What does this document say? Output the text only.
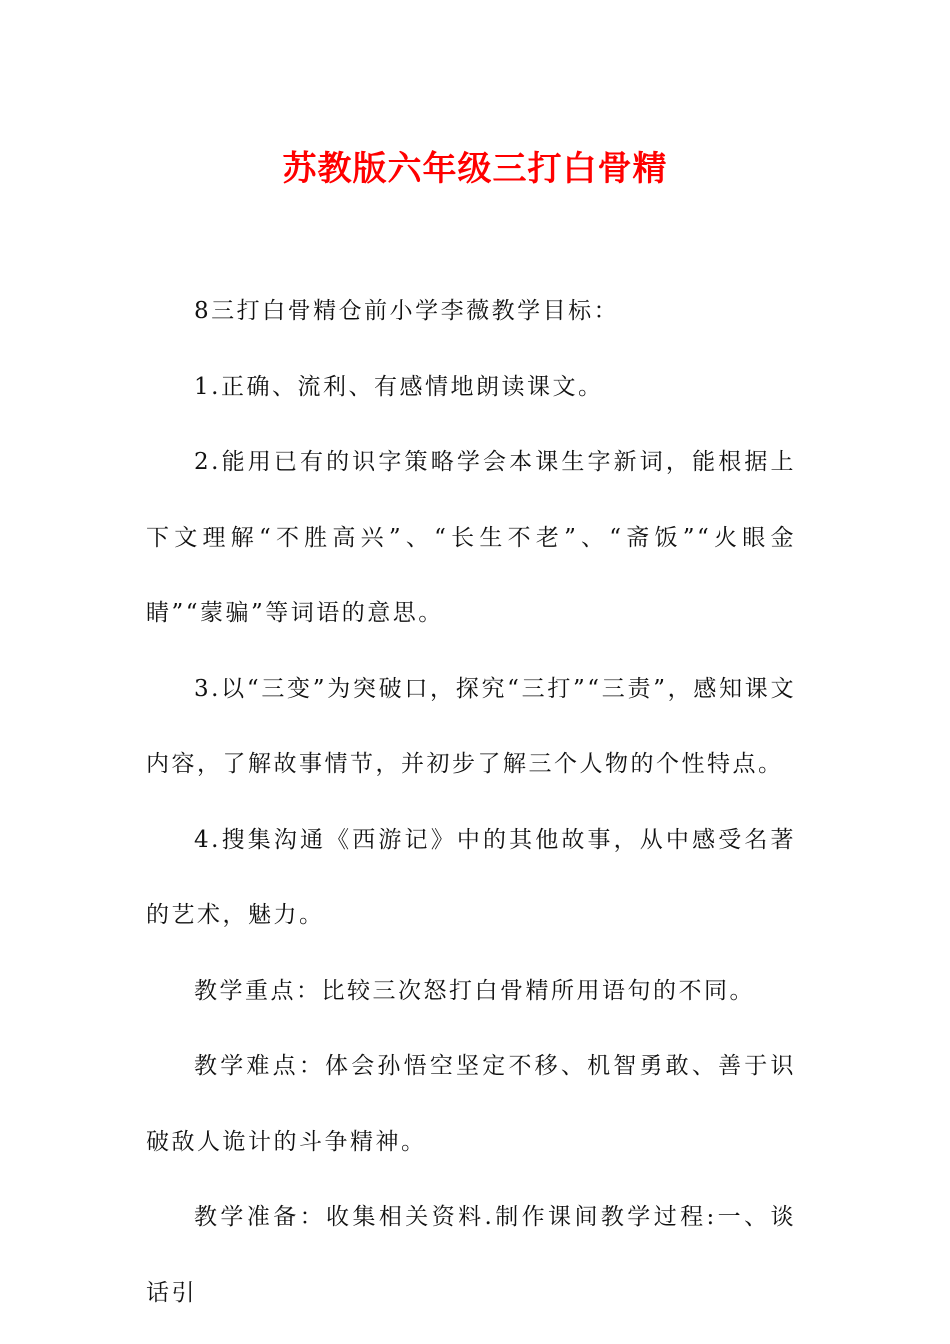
苏教版六年级三打白骨精

8三打白骨精仓前小学李薇教学目标：

1.正确、流利、有感情地朗读课文。

2.能用已有的识字策略学会本课生字新词，能根据上下文理解“不胜高兴”、“长生不老”、“斋饭”“火眼金睛”“蒙骗”等词语的意思。

3.以“三变”为突破口，探究“三打”“三责”，感知课文内容，了解故事情节，并初步了解三个人物的个性特点。

4.搜集沟通《西游记》中的其他故事，从中感受名著的艺术，魅力。

教学重点：比较三次怒打白骨精所用语句的不同。

教学难点：体会孙悟空坚定不移、机智勇敢、善于识破敌人诡计的斗争精神。

教学准备：收集相关资料.制作课间教学过程:一、谈话引
